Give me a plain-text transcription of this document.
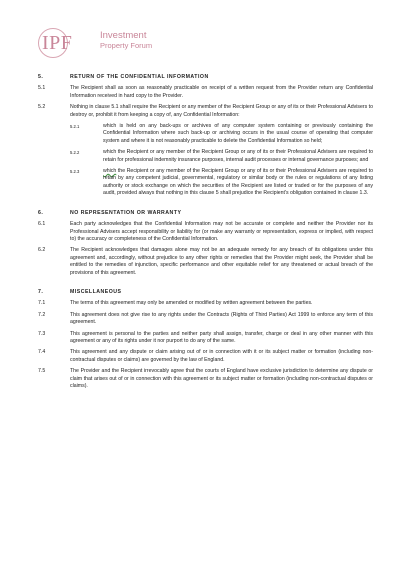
IPF	Investment
Property Forum
5.	RETURN OF THE CONFIDENTIAL INFORMATION
5.1	The Recipient shall as soon as reasonably practicable on receipt of a written request from the Provider return any Confidential Information received in hard copy to the Provider.
5.2	Nothing in clause 5.1 shall require the Recipient or any member of the Recipient Group or any of its or their Professional Advisers to destroy or, prohibit it from keeping a copy of, any Confidential Information:
5.2.1	which is held on any back-ups or archives of any computer system containing or previously containing the Confidential Information where such back-up or archiving occurs in the usual course of operating that computer system and where it is not reasonably practicable to delete the Confidential Information so held;
5.2.2	which the Recipient or any member of the Recipient Group or any of its or their Professional Advisers are required to retain for professional indemnity insurance purposes, internal audit processes or internal governance purposes; and
5.2.3	which the Recipient or any member of the Recipient Group or any of its or their Professional Advisers are required to retain by any competent judicial, governmental, regulatory or similar body or the rules or regulations of any listing authority or stock exchange on which the securities of the Recipient are listed or traded or for the purposes of any audit, provided always that nothing in this clause 5 shall prejudice the Recipient's obligation contained in clause 1.3.
6.	NO REPRESENTATION OR WARRANTY
6.1	Each party acknowledges that the Confidential Information may not be accurate or complete and neither the Provider nor its Professional Advisers accept responsibility or liability for (or make any warranty or representation, express or implied, with respect to) the accuracy or completeness of the Confidential Information.
6.2	The Recipient acknowledges that damages alone may not be an adequate remedy for any breach of its obligations under this agreement and, accordingly, without prejudice to any other rights or remedies that the Provider might seek, the Provider shall be entitled to the remedies of injunction, specific performance and other equitable relief for any threatened or actual breach of the provisions of this agreement.
7.	MISCELLANEOUS
7.1	The terms of this agreement may only be amended or modified by written agreement between the parties.
7.2	This agreement does not give rise to any rights under the Contracts (Rights of Third Parties) Act 1999 to enforce any term of this agreement.
7.3	This agreement is personal to the parties and neither party shall assign, transfer, charge or deal in any other manner with this agreement or any of its rights under it nor purport to do any of the same.
7.4	This agreement and any dispute or claim arising out of or in connection with it or its subject matter or formation (including non-contractual disputes or claims) are governed by the law of England.
7.5	The Provider and the Recipient irrevocably agree that the courts of England have exclusive jurisdiction to determine any dispute or claim that arises out of or in connection with this agreement or its subject matter or formation (including non-contractual disputes or claims).
